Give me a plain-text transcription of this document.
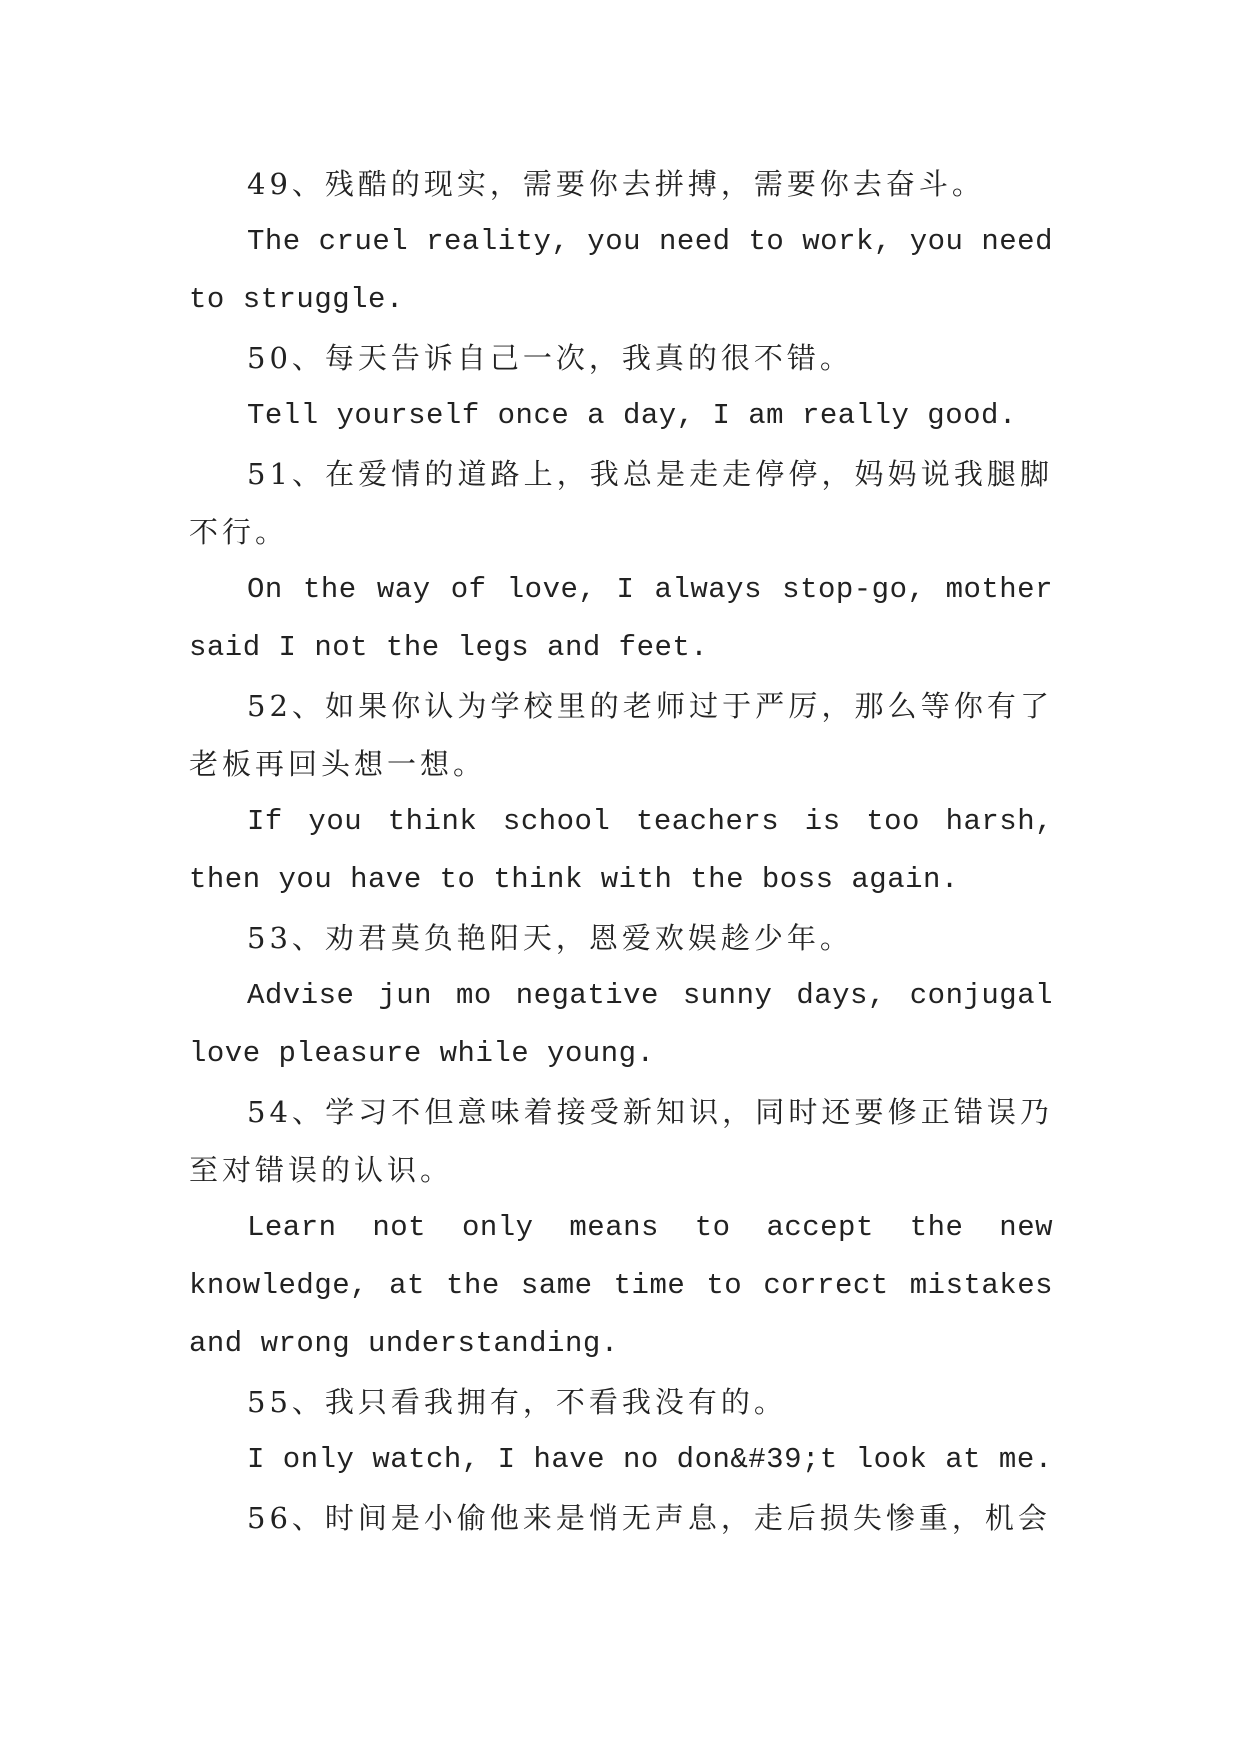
49、残酷的现实，需要你去拼搏，需要你去奋斗。

The cruel reality, you need to work, you need to struggle.

50、每天告诉自己一次，我真的很不错。

Tell yourself once a day, I am really good.

51、在爱情的道路上，我总是走走停停，妈妈说我腿脚不行。

On the way of love, I always stop-go, mother said I not the legs and feet.

52、如果你认为学校里的老师过于严厉，那么等你有了老板再回头想一想。

If you think school teachers is too harsh, then you have to think with the boss again.

53、劝君莫负艳阳天，恩爱欢娱趁少年。

Advise jun mo negative sunny days, conjugal love pleasure while young.

54、学习不但意味着接受新知识，同时还要修正错误乃至对错误的认识。

Learn not only means to accept the new knowledge, at the same time to correct mistakes and wrong understanding.

55、我只看我拥有，不看我没有的。

I only watch, I have no don&#39;t look at me.

56、时间是小偷他来是悄无声息，走后损失惨重，机会
